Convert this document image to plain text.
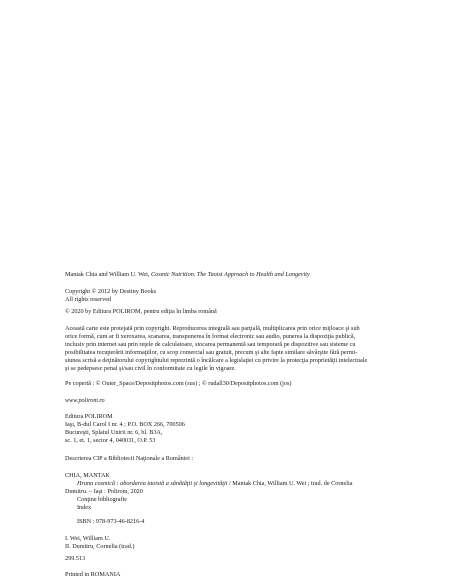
Mantak Chia and William U. Wei, Cosmic Nutrition. The Taoist Approach to Health and Longevity

Copyright © 2012 by Destiny Books
All rights reserved

© 2020 by Editura POLIROM, pentru ediţia în limba română

Această carte este protejată prin copyright. Reproducerea integrală sau parţială, multiplicarea prin orice mijloace şi sub
orice formă, cum ar fi xeroxarea, scanarea, transpunerea în format electronic sau audio, punerea la dispoziţia publică,
inclusiv prin internet sau prin reţele de calculatoare, stocarea permanentă sau temporară pe dispozitive sau sisteme cu
posibilitatea recuperării informaţiilor, cu scop comercial sau gratuit, precum şi alte fapte similare săvârşite fără permi-
siunea scrisă a deţinătorului copyrightului reprezintă o încălcare a legislaţiei cu privire la protecţia proprietăţii intelectuale
şi se pedepsesc penal şi/sau civil în conformitate cu legile în vigoare.

Pe copertă : © Outer_Space/Depositphotos.com (sus) ; © rudall30/Depositphotos.com (jos)

www.polirom.ro

Editura POLIROM
Iaşi, B-dul Carol I nr. 4 ; P.O. BOX 266, 700506
Bucureşti, Splaiul Unirii nr. 6, bl. B3A,
sc. 1, et. 1, sector 4, 040031, O.P. 53

Descrierea CIP a Bibliotecii Naţionale a României :

CHIA, MANTAK
Hrana cosmică : abordarea taoistă a sănătăţii şi longevităţii / Mantak Chia, William U. Wei ; trad. de Cornelia
Dumitru. – Iaşi : Polirom, 2020
Conţine bibliografie
Index

ISBN : 978-973-46-8216-4

I. Wei, William U.
II. Dumitru, Cornelia (trad.)

299.513

Printed in ROMANIA
